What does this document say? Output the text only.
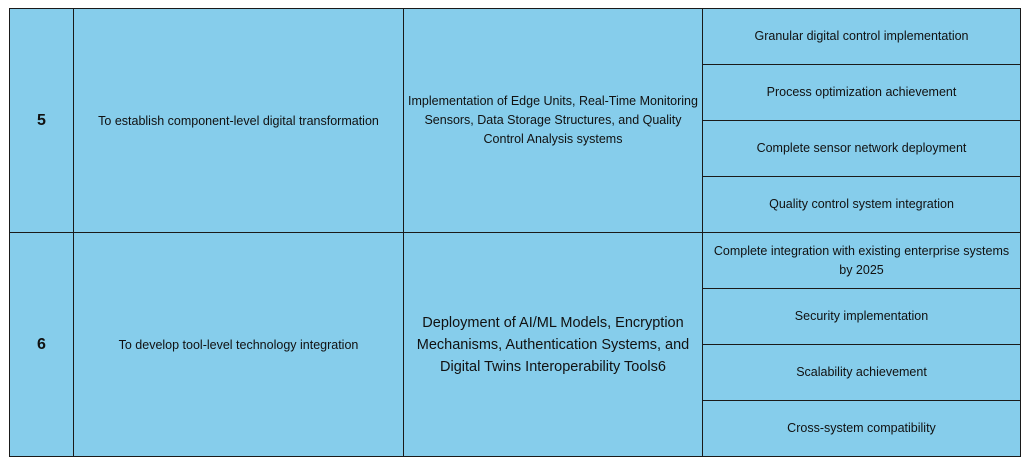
5	To establish component-level digital transformation	Implementation of Edge Units, Real-Time Monitoring Sensors, Data Storage Structures, and Quality Control Analysis systems	Granular digital control implementation
			Process optimization achievement
			Complete sensor network deployment
			Quality control system integration
6	To develop tool-level technology integration	Deployment of AI/ML Models, Encryption Mechanisms, Authentication Systems, and Digital Twins Interoperability Tools6	Complete integration with existing enterprise systems by 2025
			Security implementation
			Scalability achievement
			Cross-system compatibility
